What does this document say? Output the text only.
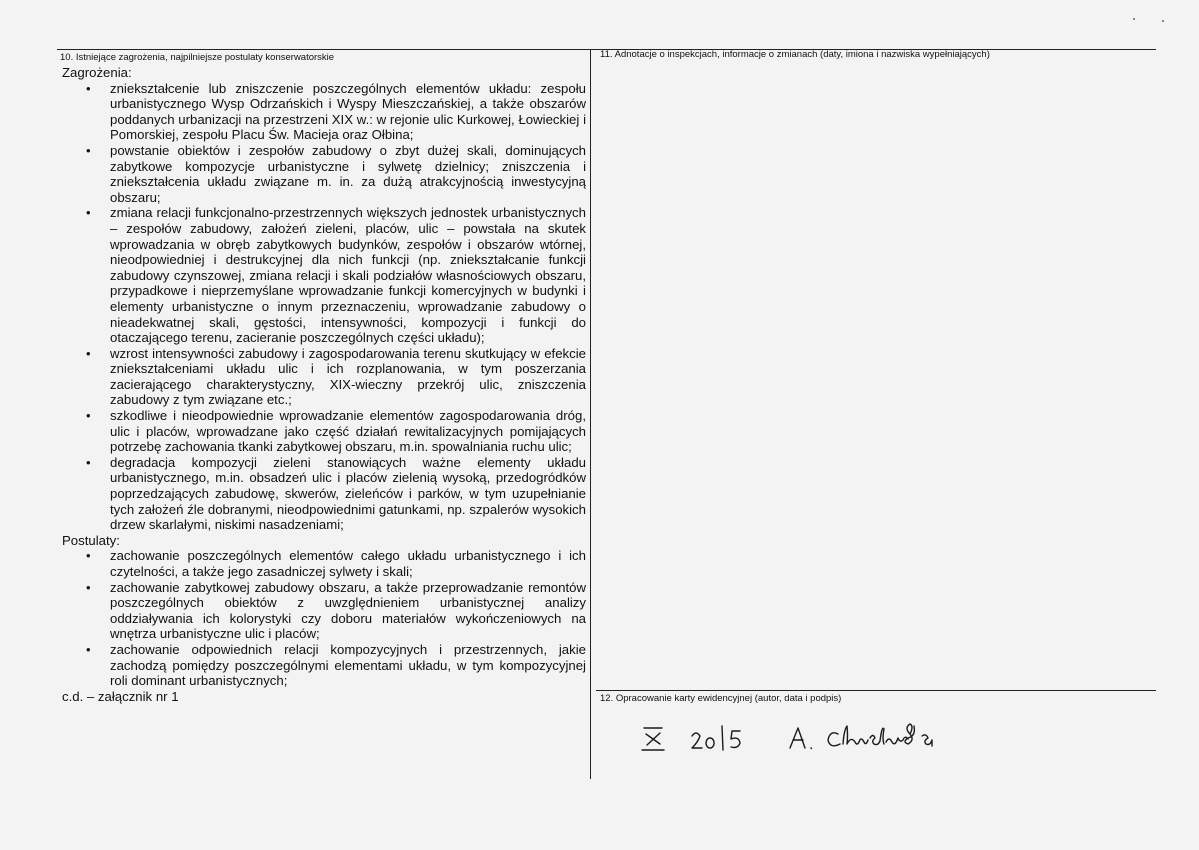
10. Istniejące zagrożenia, najpilniejsze postulaty konserwatorskie	11. Adnotacje o inspekcjach, informacje o zmianach (daty, imiona i nazwiska wypełniających)
12. Opracowanie karty ewidencyjnej (autor, data i podpis)

Zagrożenia:

• zniekształcenie lub zniszczenie poszczególnych elementów układu: zespołu urbanistycznego Wysp Odrzańskich i Wyspy Mieszczańskiej, a także obszarów poddanych urbanizacji na przestrzeni XIX w.: w rejonie ulic Kurkowej, Łowieckiej i Pomorskiej, zespołu Placu Św. Macieja oraz Ołbina;
• powstanie obiektów i zespołów zabudowy o zbyt dużej skali, dominujących zabytkowe kompozycje urbanistyczne i sylwetę dzielnicy; zniszczenia i zniekształcenia układu związane m. in. za dużą atrakcyjnością inwestycyjną obszaru;
• zmiana relacji funkcjonalno-przestrzennych większych jednostek urbanistycznych – zespołów zabudowy, założeń zieleni, placów, ulic – powstała na skutek wprowadzania w obręb zabytkowych budynków, zespołów i obszarów wtórnej, nieodpowiedniej i destrukcyjnej dla nich funkcji (np. zniekształcanie funkcji zabudowy czynszowej, zmiana relacji i skali podziałów własnościowych obszaru, przypadkowe i nieprzemyślane wprowadzanie funkcji komercyjnych w budynki i elementy urbanistyczne o innym przeznaczeniu, wprowadzanie zabudowy o nieadekwatnej skali, gęstości, intensywności, kompozycji i funkcji do otaczającego terenu, zacieranie poszczególnych części układu);
• wzrost intensywności zabudowy i zagospodarowania terenu skutkujący w efekcie zniekształceniami układu ulic i ich rozplanowania, w tym poszerzania zacierającego charakterystyczny, XIX-wieczny przekrój ulic, zniszczenia zabudowy z tym związane etc.;
• szkodliwe i nieodpowiednie wprowadzanie elementów zagospodarowania dróg, ulic i placów, wprowadzane jako część działań rewitalizacyjnych pomijających potrzebę zachowania tkanki zabytkowej obszaru, m.in. spowalniania ruchu ulic;
• degradacja kompozycji zieleni stanowiących ważne elementy układu urbanistycznego, m.in. obsadzeń ulic i placów zielenią wysoką, przedogródków poprzedzających zabudowę, skwerów, zieleńców i parków, w tym uzupełnianie tych założeń źle dobranymi, nieodpowiednimi gatunkami, np. szpalerów wysokich drzew skarlałymi, niskimi nasadzeniami;

Postulaty:

• zachowanie poszczególnych elementów całego układu urbanistycznego i ich czytelności, a także jego zasadniczej sylwety i skali;
• zachowanie zabytkowej zabudowy obszaru, a także przeprowadzanie remontów poszczególnych obiektów z uwzględnieniem urbanistycznej analizy oddziaływania ich kolorystyki czy doboru materiałów wykończeniowych na wnętrza urbanistyczne ulic i placów;
• zachowanie odpowiednich relacji kompozycyjnych i przestrzennych, jakie zachodzą pomiędzy poszczególnymi elementami układu, w tym kompozycyjnej roli dominant urbanistycznych;

c.d. – załącznik nr 1
